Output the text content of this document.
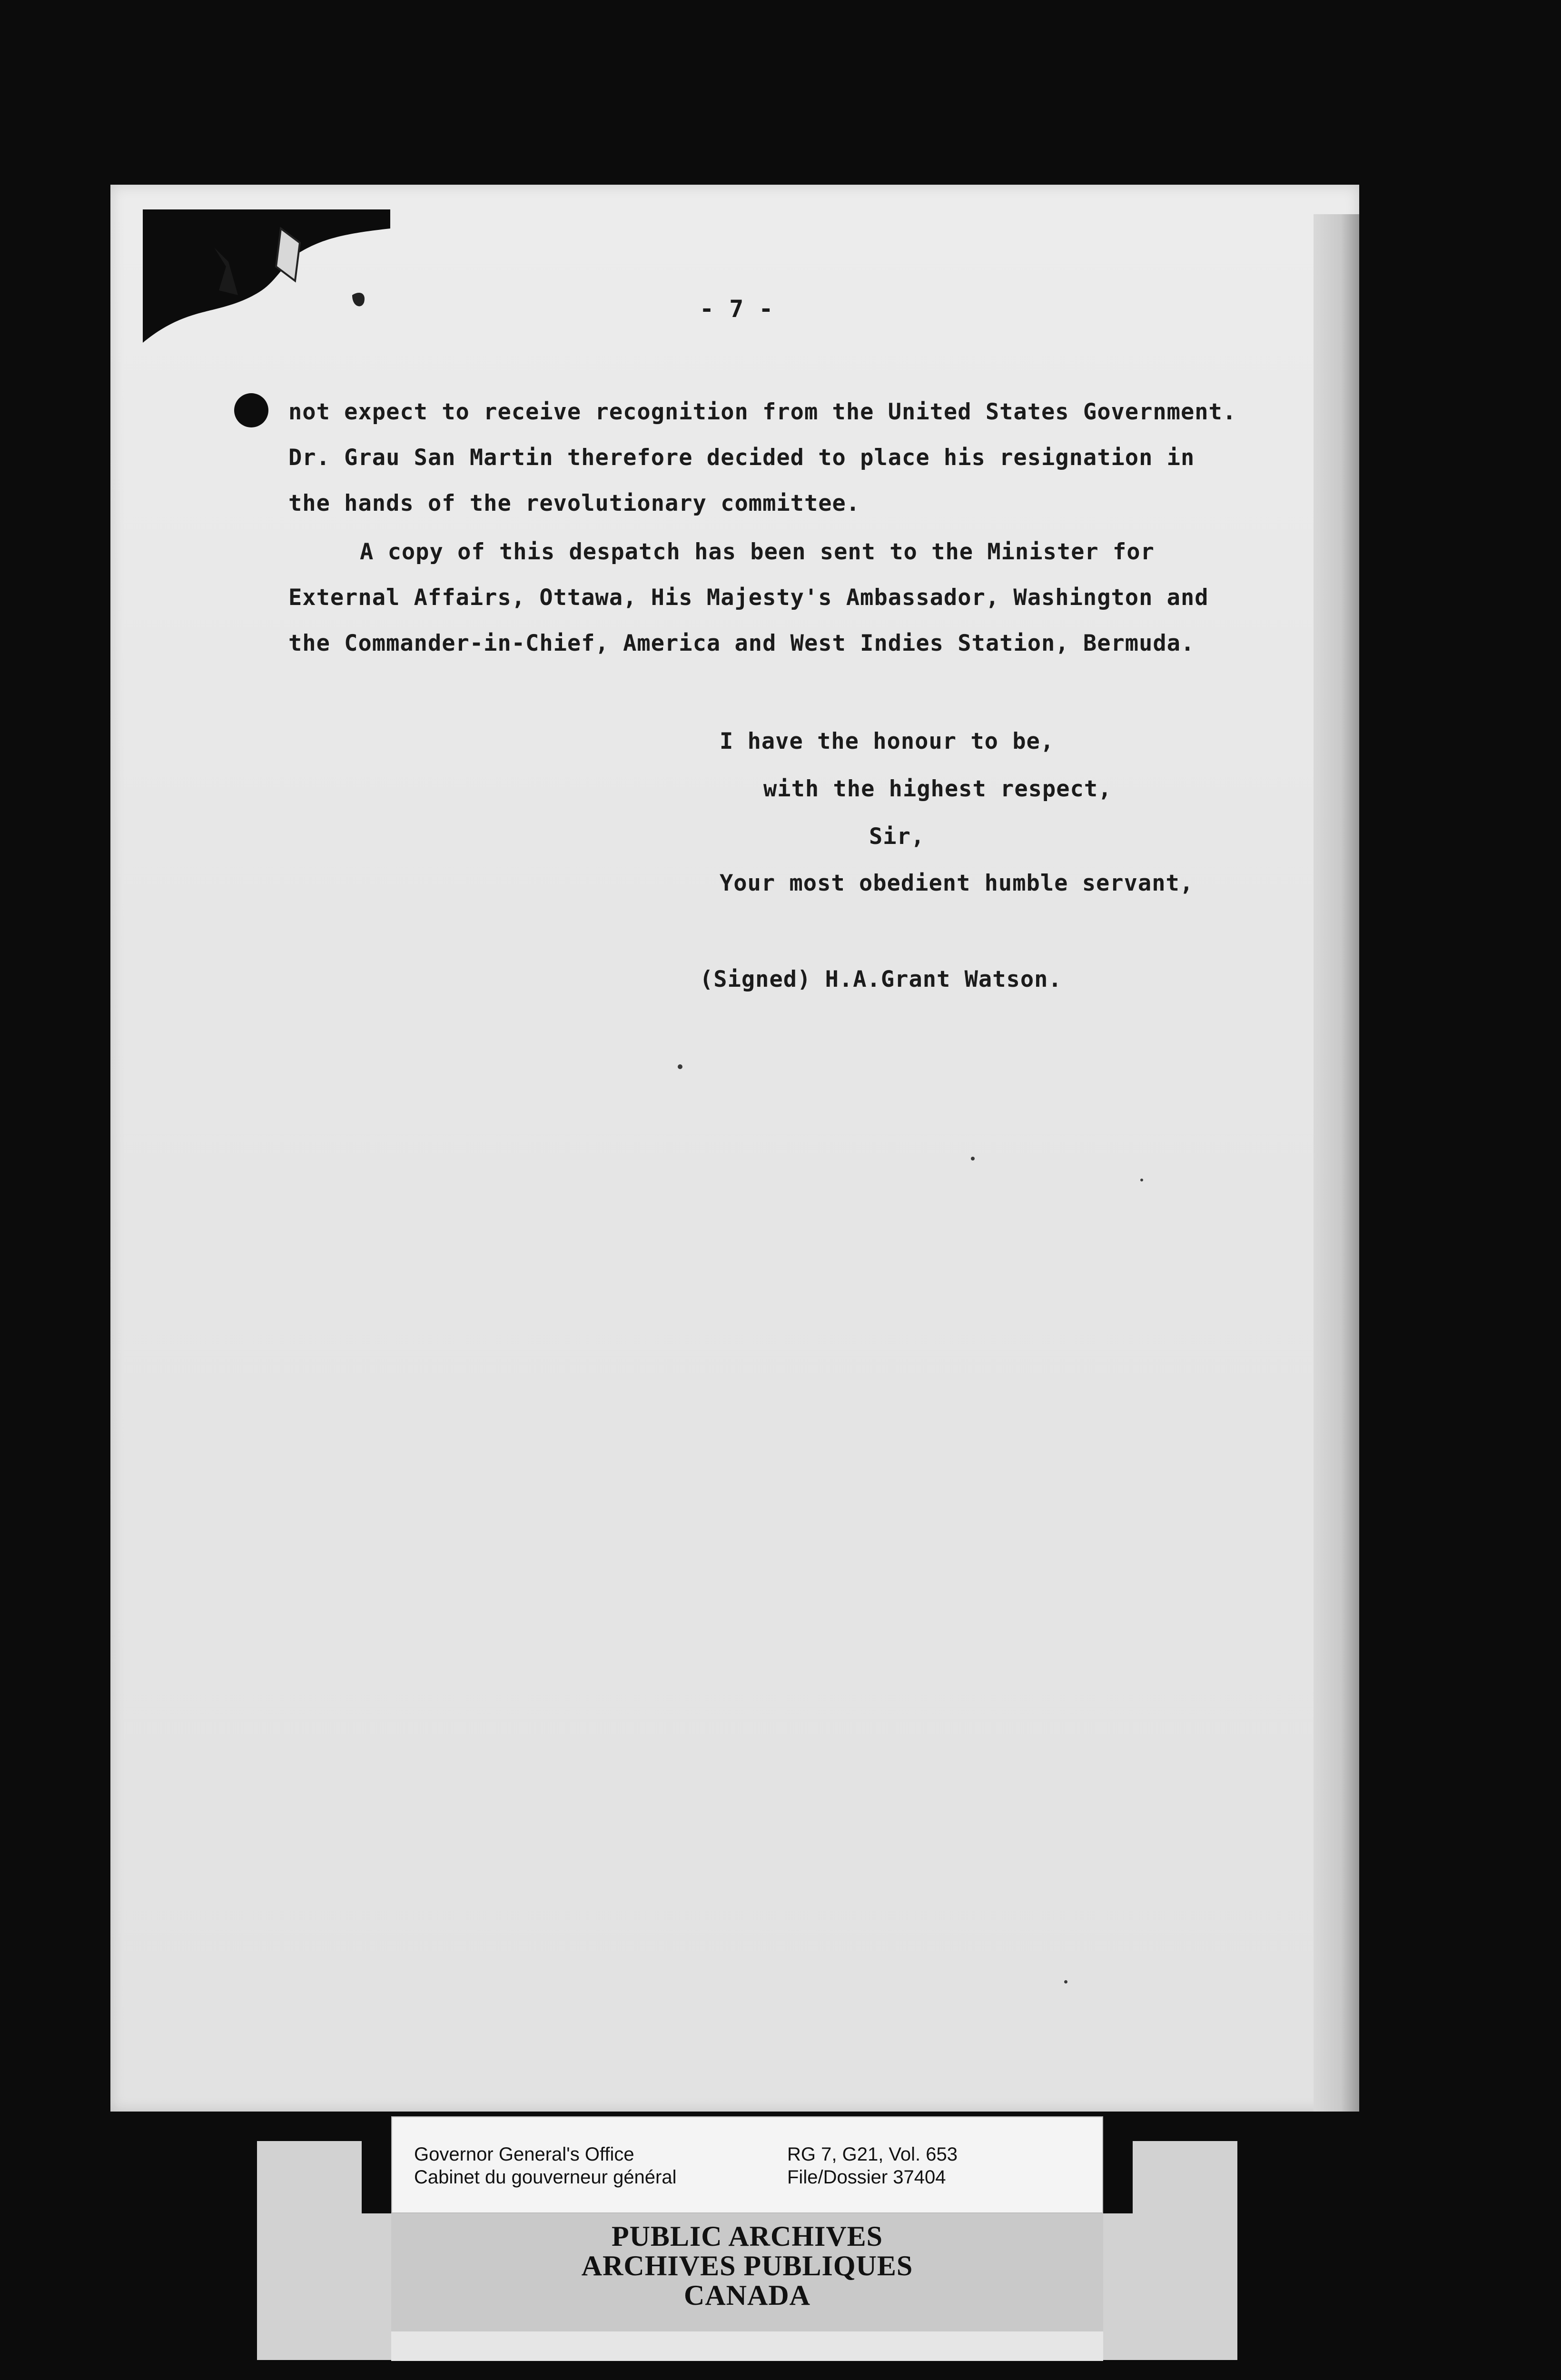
- 7 -
not expect to receive recognition from the United States Government.
Dr. Grau San Martin therefore decided to place his resignation in
the hands of the revolutionary committee.
A copy of this despatch has been sent to the Minister for
External Affairs, Ottawa, His Majesty's Ambassador, Washington and
the Commander-in-Chief, America and West Indies Station, Bermuda.
I have the honour to be,
with the highest respect,
Sir,
Your most obedient humble servant,
(Signed) H.A.Grant Watson.
Governor General's Office
Cabinet du gouverneur général
RG 7, G21, Vol. 653
File/Dossier 37404
PUBLIC ARCHIVES
ARCHIVES PUBLIQUES
CANADA
